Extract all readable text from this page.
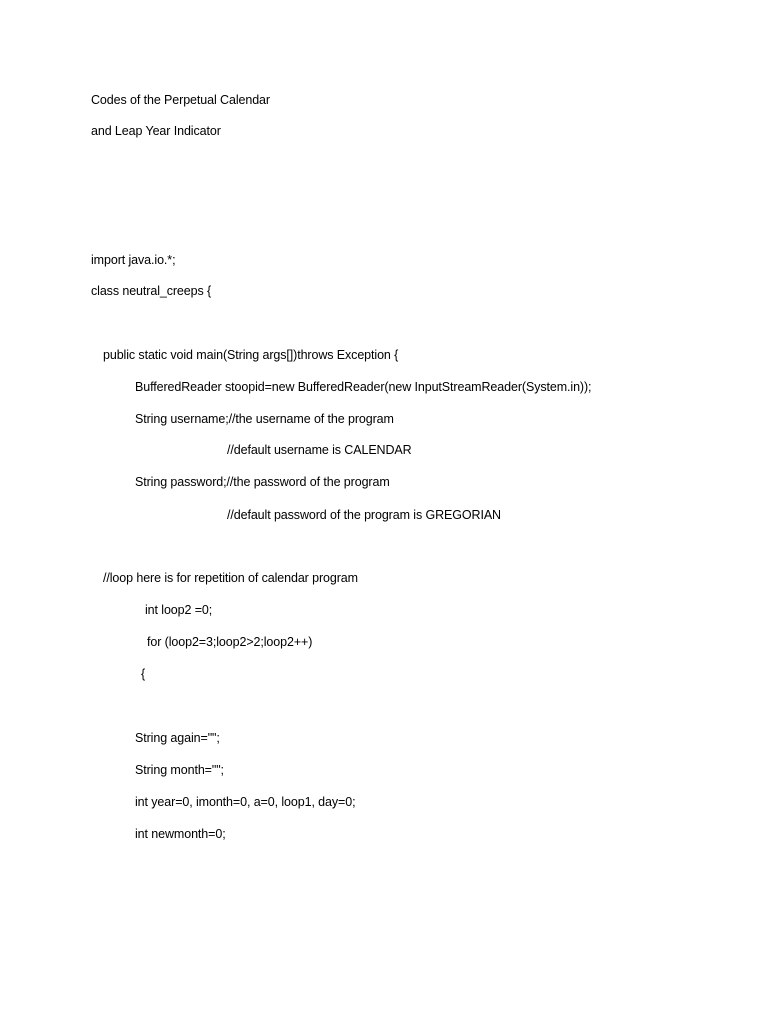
Codes of the Perpetual Calendar
and Leap Year Indicator
import java.io.*;
class neutral_creeps {
public static void main(String args[])throws Exception {
BufferedReader stoopid=new BufferedReader(new InputStreamReader(System.in));
String username;//the username of the program
//default username is CALENDAR
String password;//the password of the program
//default password of the program is GREGORIAN
//loop here is for repetition of calendar program
int loop2 =0;
for (loop2=3;loop2>2;loop2++)
{
String again="";
String month="";
int year=0, imonth=0, a=0, loop1, day=0;
int newmonth=0;
